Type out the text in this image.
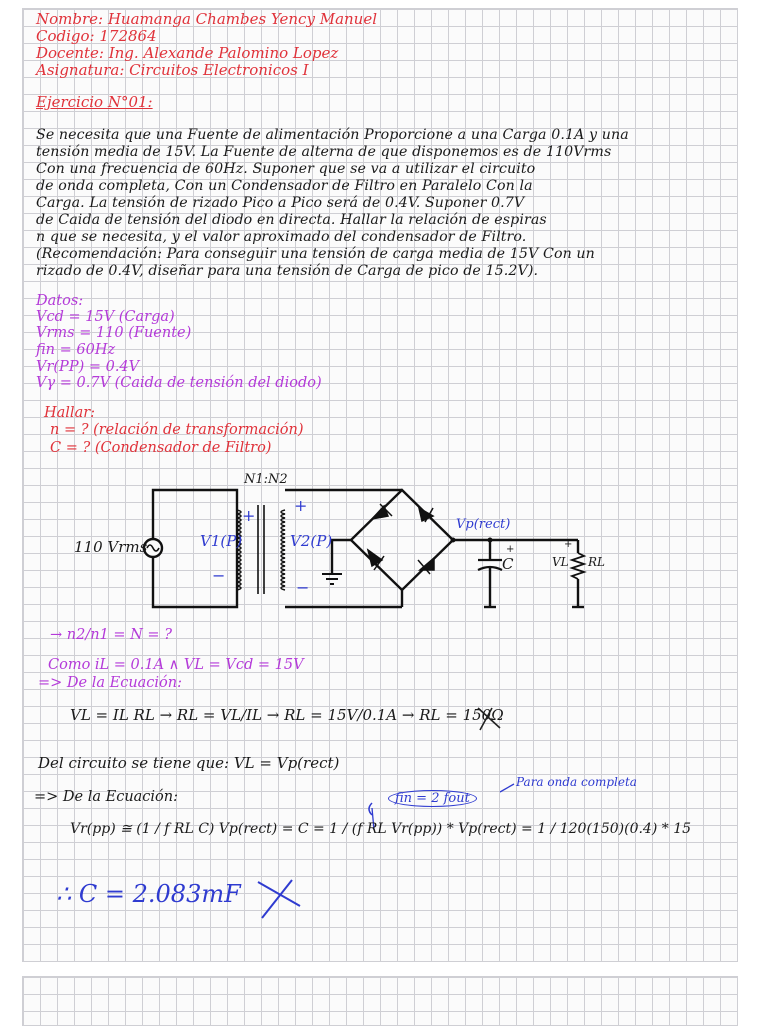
Nombre: Huamanga Chambes Yency Manuel
Codigo: 172864
Docente: Ing. Alexande Palomino Lopez
Asignatura: Circuitos Electronicos I
Ejercicio N°01:
Se necesita que una Fuente de alimentación Proporcione a una Carga 0.1A y una
tensión media de 15V. La Fuente de alterna de que disponemos es de 110Vrms
Con una frecuencia de 60Hz. Suponer que se va a utilizar el circuito
de onda completa, Con un Condensador de Filtro en Paralelo Con la
Carga. La tensión de rizado Pico a Pico será de 0.4V. Suponer 0.7V
de Caida de tensión del diodo en directa. Hallar la relación de espiras
n que se necesita, y el valor aproximado del condensador de Filtro.
(Recomendación: Para conseguir una tensión de carga media de 15V Con un
rizado de 0.4V, diseñar para una tensión de Carga de pico de 15.2V).
Datos:
Vcd = 15V (Carga)
Vrms = 110 (Fuente)
fin = 60Hz
Vr(PP) = 0.4V
Vγ = 0.7V (Caida de tensión del diodo)
Hallar:
n = ? (relación de transformación)
C = ? (Condensador de Filtro)
N1:N2
110 Vrms
+
V1(P)
−
+
V2(P)
−
Vp(rect)
+
C
+
VL RL
→ n2/n1 = N = ?
Como iL = 0.1A ∧ VL = Vcd = 15V
=> De la Ecuación:
VL = IL RL → RL = VL/IL → RL = 15V/0.1A → RL = 150Ω
Del circuito se tiene que: VL = Vp(rect)
=> De la Ecuación:	fin = 2 fout
Para onda completa
Vr(pp) ≅ (1 / f RL C) Vp(rect) = C = 1 / (f RL Vr(pp)) * Vp(rect) = 1 / 120(150)(0.4) * 15
∴ C = 2.083mF
